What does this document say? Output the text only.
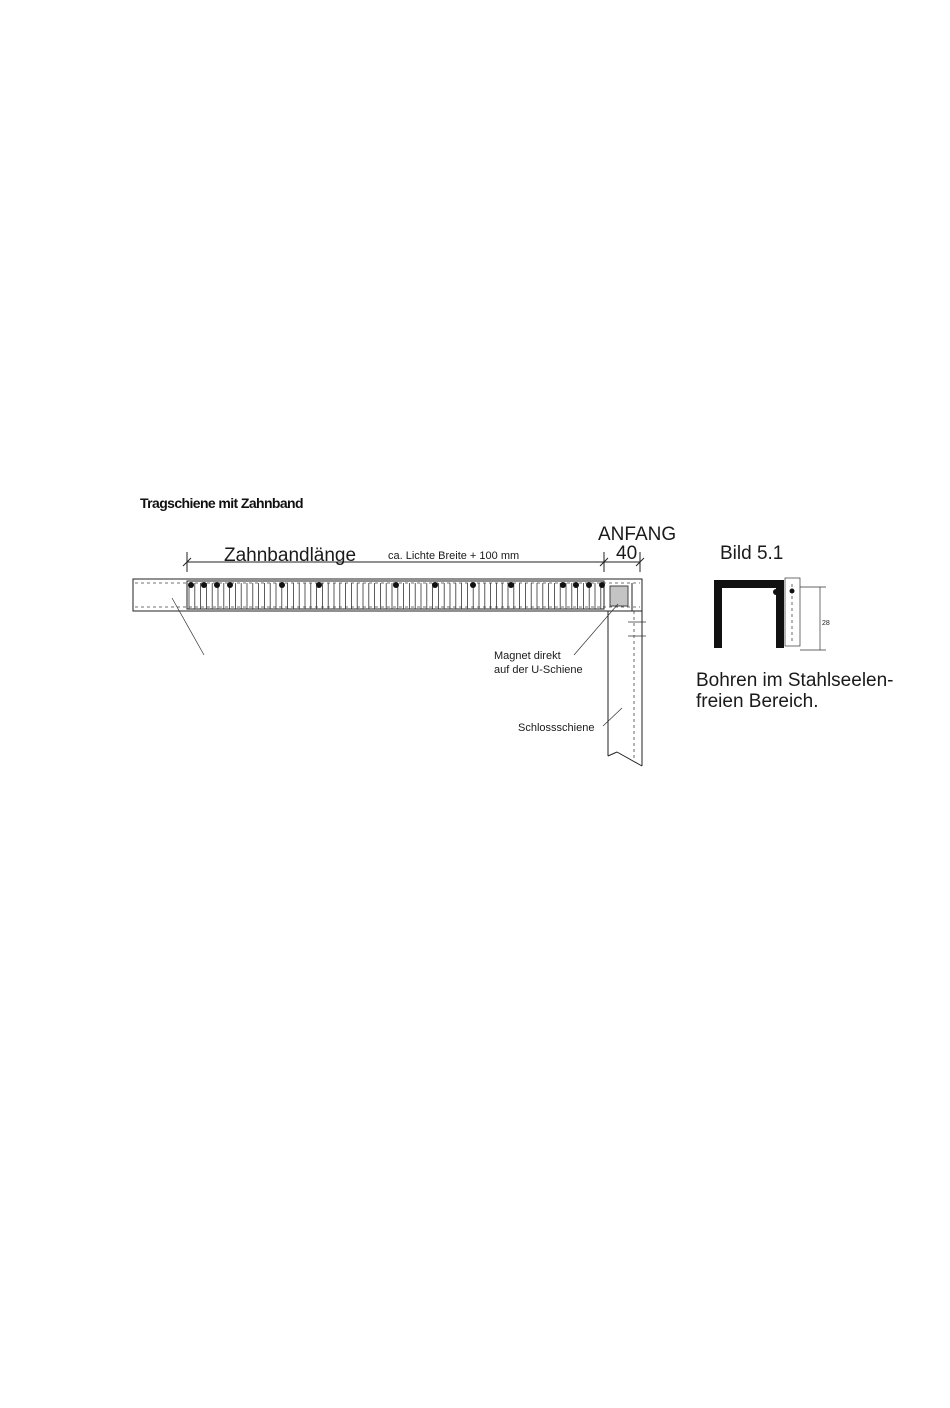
Tragschiene mit Zahnband
Zahnbandlänge	ca. Lichte Breite + 100 mm
ANFANG
40
Magnet direkt
auf der U-Schiene
Schlossschiene
Bild 5.1
28
Bohren im Stahlseelen-
freien Bereich.
